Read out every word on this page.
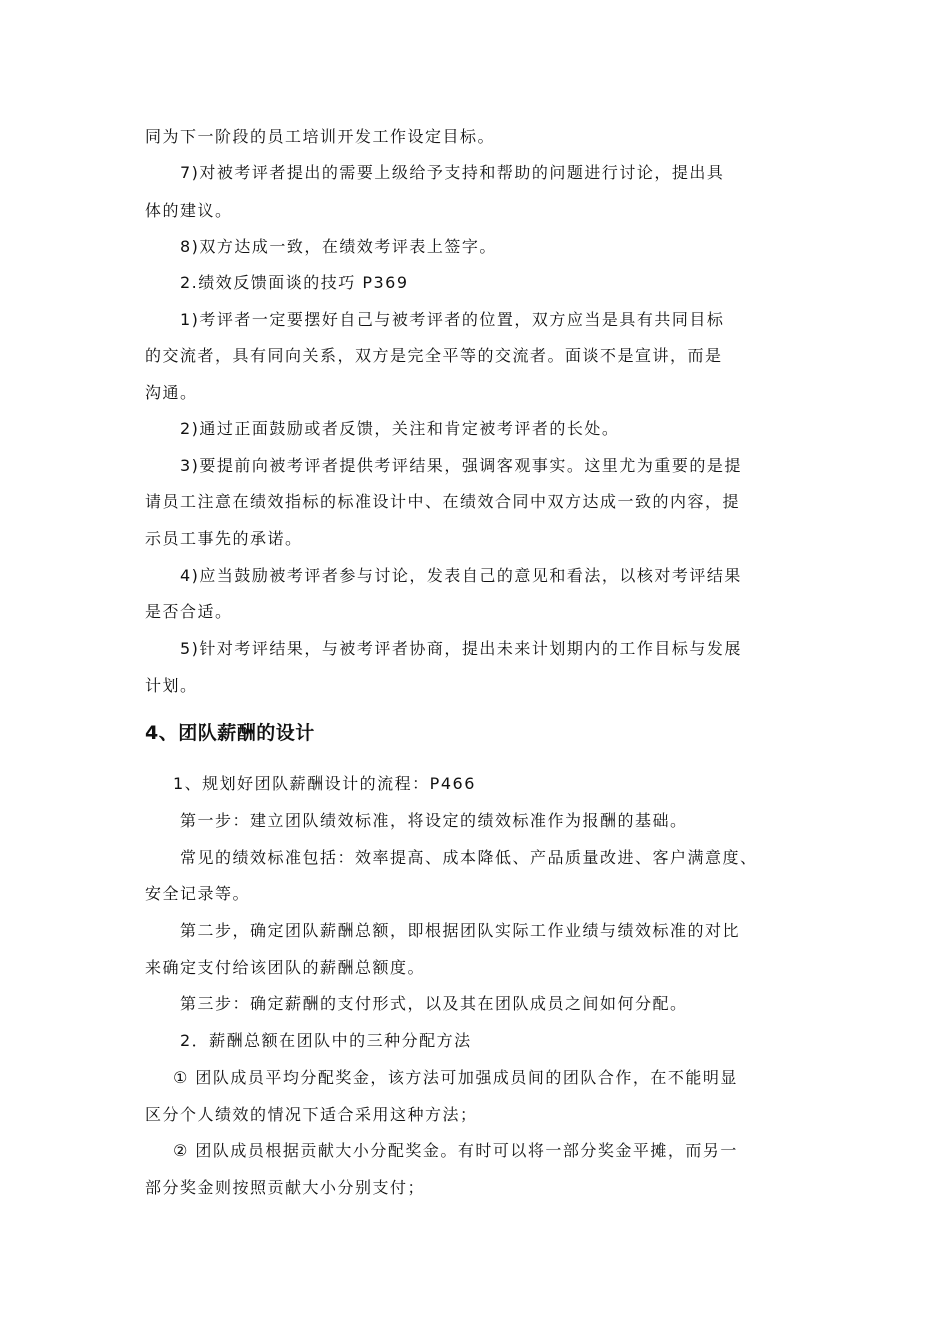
同为下一阶段的员工培训开发工作设定目标。
7)对被考评者提出的需要上级给予支持和帮助的问题进行讨论，提出具
体的建议。
8)双方达成一致，在绩效考评表上签字。
2.绩效反馈面谈的技巧 P369
1)考评者一定要摆好自己与被考评者的位置，双方应当是具有共同目标
的交流者，具有同向关系，双方是完全平等的交流者。面谈不是宣讲，而是
沟通。
2)通过正面鼓励或者反馈，关注和肯定被考评者的长处。
3)要提前向被考评者提供考评结果，强调客观事实。这里尤为重要的是提
请员工注意在绩效指标的标准设计中、在绩效合同中双方达成一致的内容，提
示员工事先的承诺。
4)应当鼓励被考评者参与讨论，发表自己的意见和看法，以核对考评结果
是否合适。
5)针对考评结果，与被考评者协商，提出未来计划期内的工作目标与发展
计划。
4、团队薪酬的设计
1、规划好团队薪酬设计的流程：P466
第一步：建立团队绩效标准，将设定的绩效标准作为报酬的基础。
常见的绩效标准包括：效率提高、成本降低、产品质量改进、客户满意度、
安全记录等。
第二步，确定团队薪酬总额，即根据团队实际工作业绩与绩效标准的对比
来确定支付给该团队的薪酬总额度。
第三步：确定薪酬的支付形式，以及其在团队成员之间如何分配。
2．薪酬总额在团队中的三种分配方法
① 团队成员平均分配奖金，该方法可加强成员间的团队合作，在不能明显
区分个人绩效的情况下适合采用这种方法；
② 团队成员根据贡献大小分配奖金。有时可以将一部分奖金平摊，而另一
部分奖金则按照贡献大小分别支付；
